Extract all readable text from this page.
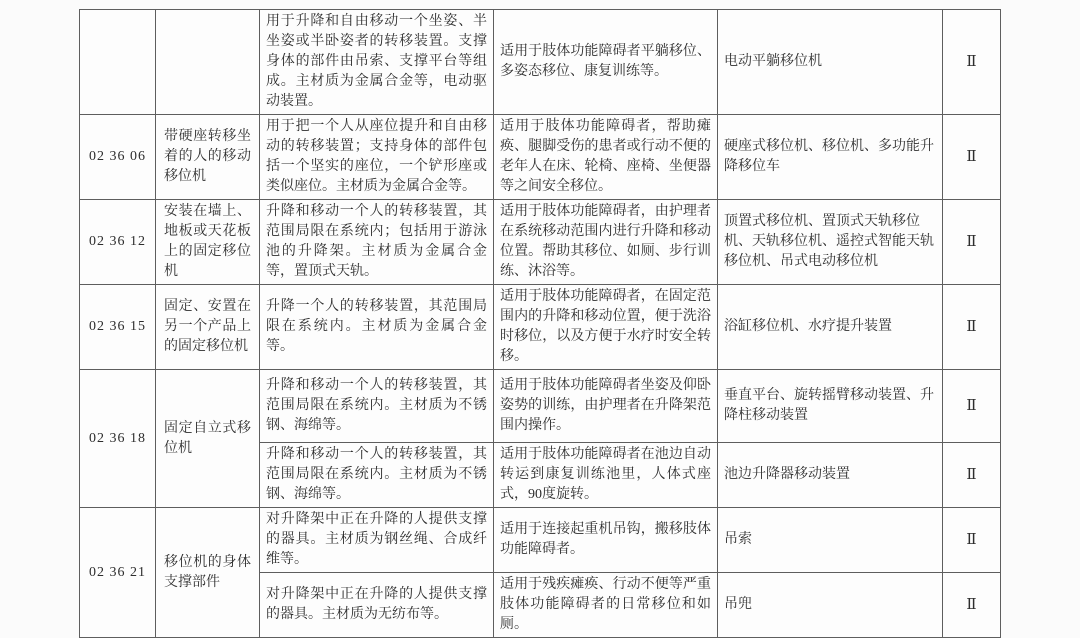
		用于升降和自由移动一个坐姿、半坐姿或半卧姿者的转移装置。支撑身体的部件由吊索、支撑平台等组成。主材质为金属合金等，电动驱动装置。	适用于肢体功能障碍者平躺移位、多姿态移位、康复训练等。	电动平躺移位机	Ⅱ
02 36 06	带硬座转移坐着的人的移动移位机	用于把一个人从座位提升和自由移动的转移装置；支持身体的部件包括一个坚实的座位，一个铲形座或类似座位。主材质为金属合金等。	适用于肢体功能障碍者，帮助瘫痪、腿脚受伤的患者或行动不便的老年人在床、轮椅、座椅、坐便器等之间安全移位。	硬座式移位机、移位机、多功能升降移位车	Ⅱ
02 36 12	安装在墙上、地板或天花板上的固定移位机	升降和移动一个人的转移装置，其范围局限在系统内；包括用于游泳池的升降架。主材质为金属合金等，置顶式天轨。	适用于肢体功能障碍者，由护理者在系统移动范围内进行升降和移动位置。帮助其移位、如厕、步行训练、沐浴等。	顶置式移位机、置顶式天轨移位机、天轨移位机、遥控式智能天轨移位机、吊式电动移位机	Ⅱ
02 36 15	固定、安置在另一个产品上的固定移位机	升降一个人的转移装置，其范围局限在系统内。主材质为金属合金等。	适用于肢体功能障碍者，在固定范围内的升降和移动位置，便于洗浴时移位，以及方便于水疗时安全转移。	浴缸移位机、水疗提升装置	Ⅱ
02 36 18	固定自立式移位机	升降和移动一个人的转移装置，其范围局限在系统内。主材质为不锈钢、海绵等。	适用于肢体功能障碍者坐姿及仰卧姿势的训练，由护理者在升降架范围内操作。	垂直平台、旋转摇臂移动装置、升降柱移动装置	Ⅱ
		升降和移动一个人的转移装置，其范围局限在系统内。主材质为不锈钢、海绵等。	适用于肢体功能障碍者在池边自动转运到康复训练池里，人体式座式，90度旋转。	池边升降器移动装置	Ⅱ
02 36 21	移位机的身体支撑部件	对升降架中正在升降的人提供支撑的器具。主材质为钢丝绳、合成纤维等。	适用于连接起重机吊钩，搬移肢体功能障碍者。	吊索	Ⅱ
		对升降架中正在升降的人提供支撑的器具。主材质为无纺布等。	适用于残疾瘫痪、行动不便等严重肢体功能障碍者的日常移位和如厕。	吊兜	Ⅱ
